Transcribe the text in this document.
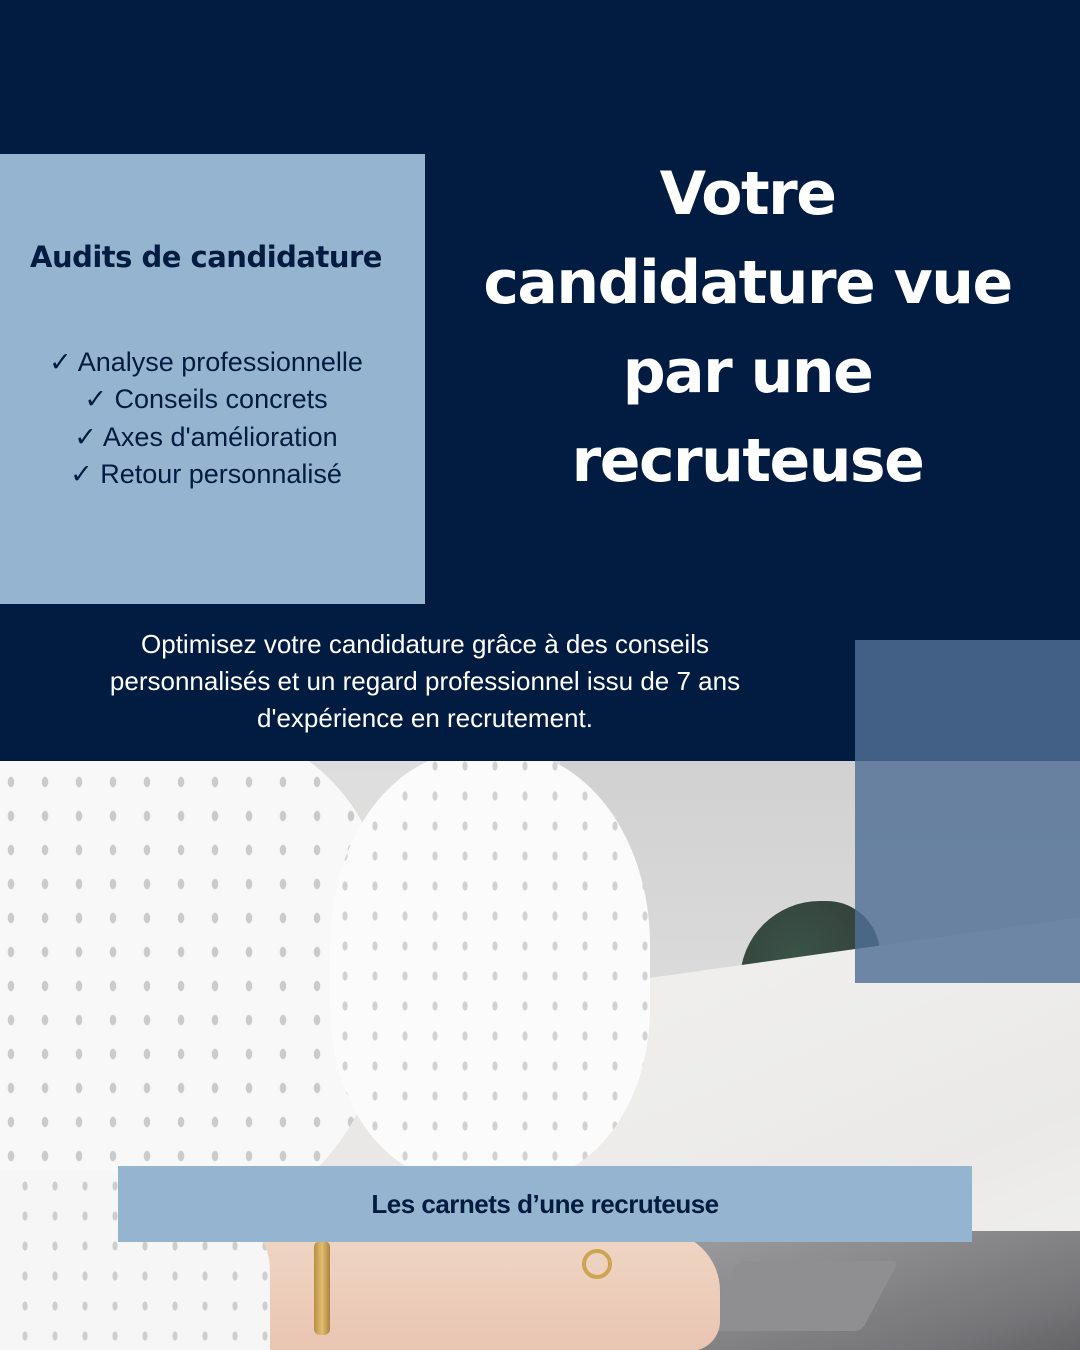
Audits de candidature
✓ Analyse professionnelle
✓ Conseils concrets
✓ Axes d'amélioration
✓ Retour personnalisé
Votre
candidature vue
par une
recruteuse

Optimisez votre candidature grâce à des conseils
personnalisés et un regard professionnel issu de 7 ans
d'expérience en recrutement.

Les carnets d’une recruteuse
